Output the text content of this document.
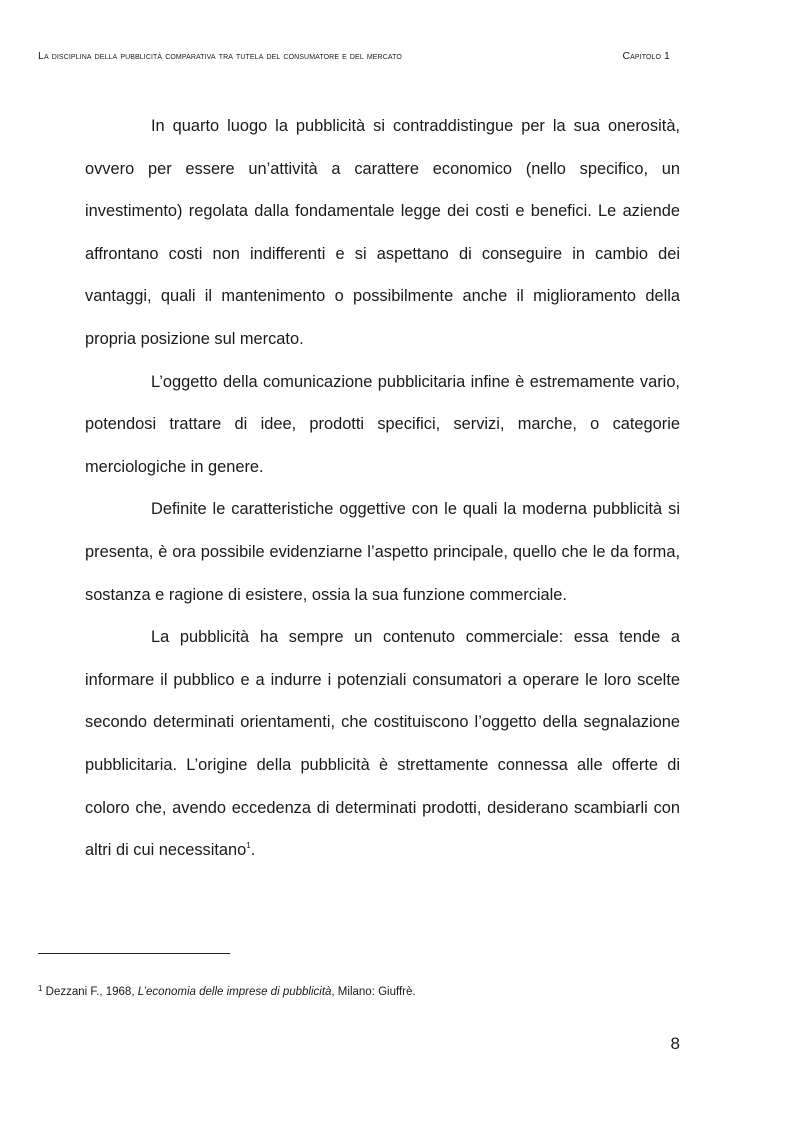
La disciplina della pubblicità comparativa tra tutela del consumatore e del mercato	Capitolo 1

In quarto luogo la pubblicità si contraddistingue per la sua onerosità, ovvero per essere un’attività a carattere economico (nello specifico, un investimento) regolata dalla fondamentale legge dei costi e benefici. Le aziende affrontano costi non indifferenti e si aspettano di conseguire in cambio dei vantaggi, quali il mantenimento o possibilmente anche il miglioramento della propria posizione sul mercato.

L’oggetto della comunicazione pubblicitaria infine è estremamente vario, potendosi trattare di idee, prodotti specifici, servizi, marche, o categorie merciologiche in genere.

Definite le caratteristiche oggettive con le quali la moderna pubblicità si presenta, è ora possibile evidenziarne l’aspetto principale, quello che le da forma, sostanza e ragione di esistere, ossia la sua funzione commerciale.

La pubblicità ha sempre un contenuto commerciale: essa tende a informare il pubblico e a indurre i potenziali consumatori a operare le loro scelte secondo determinati orientamenti, che costituiscono l’oggetto della segnalazione pubblicitaria. L’origine della pubblicità è strettamente connessa alle offerte di coloro che, avendo eccedenza di determinati prodotti, desiderano scambiarli con altri di cui necessitano$^1$.

$^1$ Dezzani F., 1968, L’economia delle imprese di pubblicità, Milano: Giuffrè.
8
